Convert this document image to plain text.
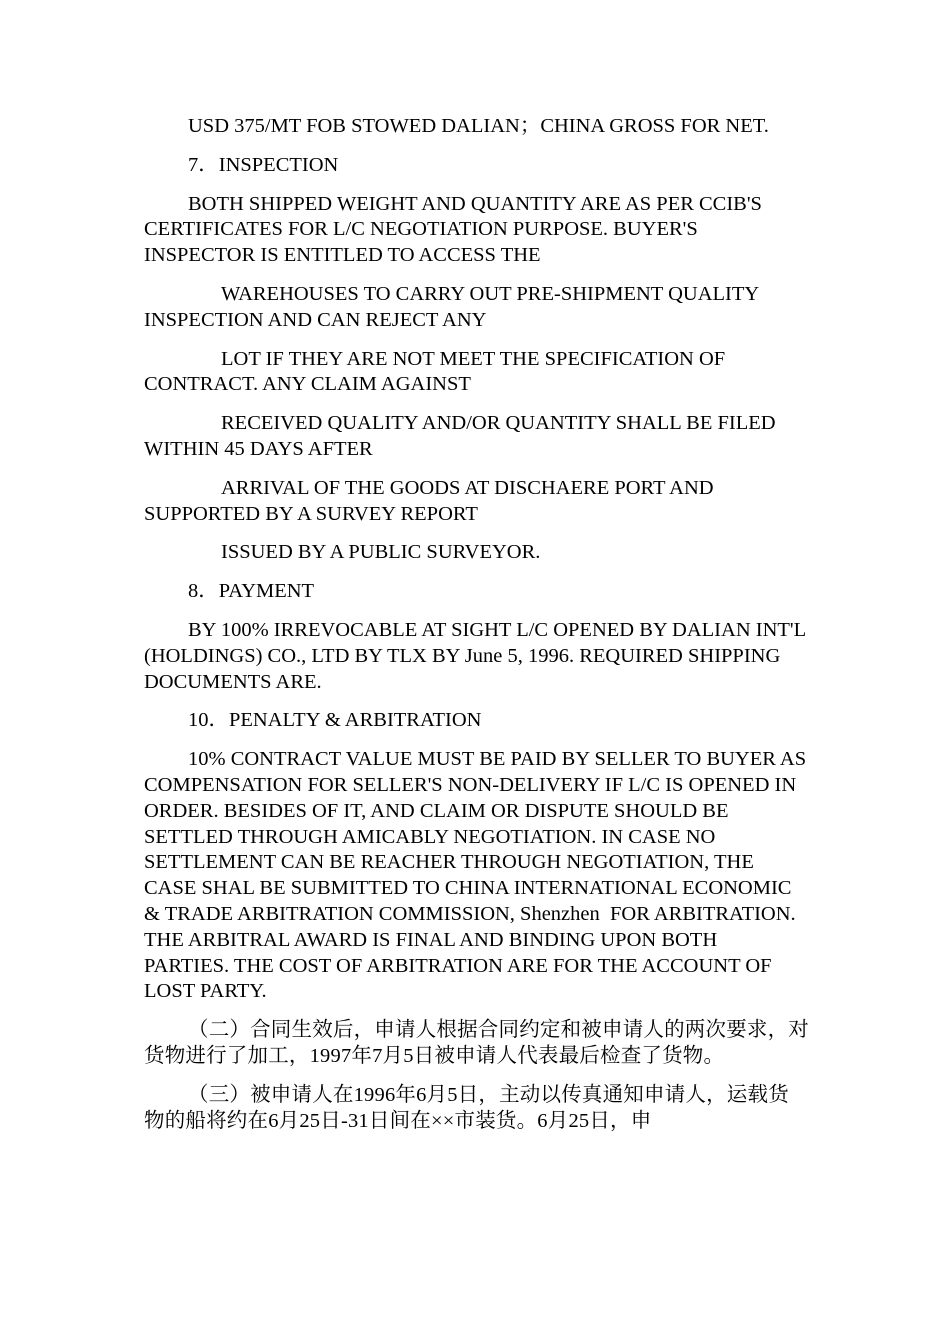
USD 375/MT FOB STOWED DALIAN；CHINA GROSS FOR NET.

7．INSPECTION

BOTH SHIPPED WEIGHT AND QUANTITY ARE AS PER CCIB'S CERTIFICATES FOR L/C NEGOTIATION PURPOSE. BUYER'S INSPECTOR IS ENTITLED TO ACCESS THE

WAREHOUSES TO CARRY OUT PRE-SHIPMENT QUALITY INSPECTION AND CAN REJECT ANY

LOT IF THEY ARE NOT MEET THE SPECIFICATION OF CONTRACT. ANY CLAIM AGAINST

RECEIVED QUALITY AND/OR QUANTITY SHALL BE FILED WITHIN 45 DAYS AFTER

ARRIVAL OF THE GOODS AT DISCHAERE PORT AND SUPPORTED BY A SURVEY REPORT

ISSUED BY A PUBLIC SURVEYOR.

8．PAYMENT

BY 100% IRREVOCABLE AT SIGHT L/C OPENED BY DALIAN INT'L (HOLDINGS) CO., LTD BY TLX BY June 5, 1996. REQUIRED SHIPPING DOCUMENTS ARE.

10．PENALTY & ARBITRATION

10% CONTRACT VALUE MUST BE PAID BY SELLER TO BUYER AS COMPENSATION FOR SELLER'S NON-DELIVERY IF L/C IS OPENED IN ORDER. BESIDES OF IT, AND CLAIM OR DISPUTE SHOULD BE SETTLED THROUGH AMICABLY NEGOTIATION. IN CASE NO SETTLEMENT CAN BE REACHER THROUGH NEGOTIATION, THE CASE SHAL BE SUBMITTED TO CHINA INTERNATIONAL ECONOMIC & TRADE ARBITRATION COMMISSION, Shenzhen  FOR ARBITRATION. THE ARBITRAL AWARD IS FINAL AND BINDING UPON BOTH  PARTIES. THE COST OF ARBITRATION ARE FOR THE ACCOUNT OF LOST PARTY.

（二）合同生效后，申请人根据合同约定和被申请人的两次要求，对货物进行了加工，1997年7月5日被申请人代表最后检查了货物。

（三）被申请人在1996年6月5日，主动以传真通知申请人，运载货物的船将约在6月25日-31日间在××市装货。6月25日，申
